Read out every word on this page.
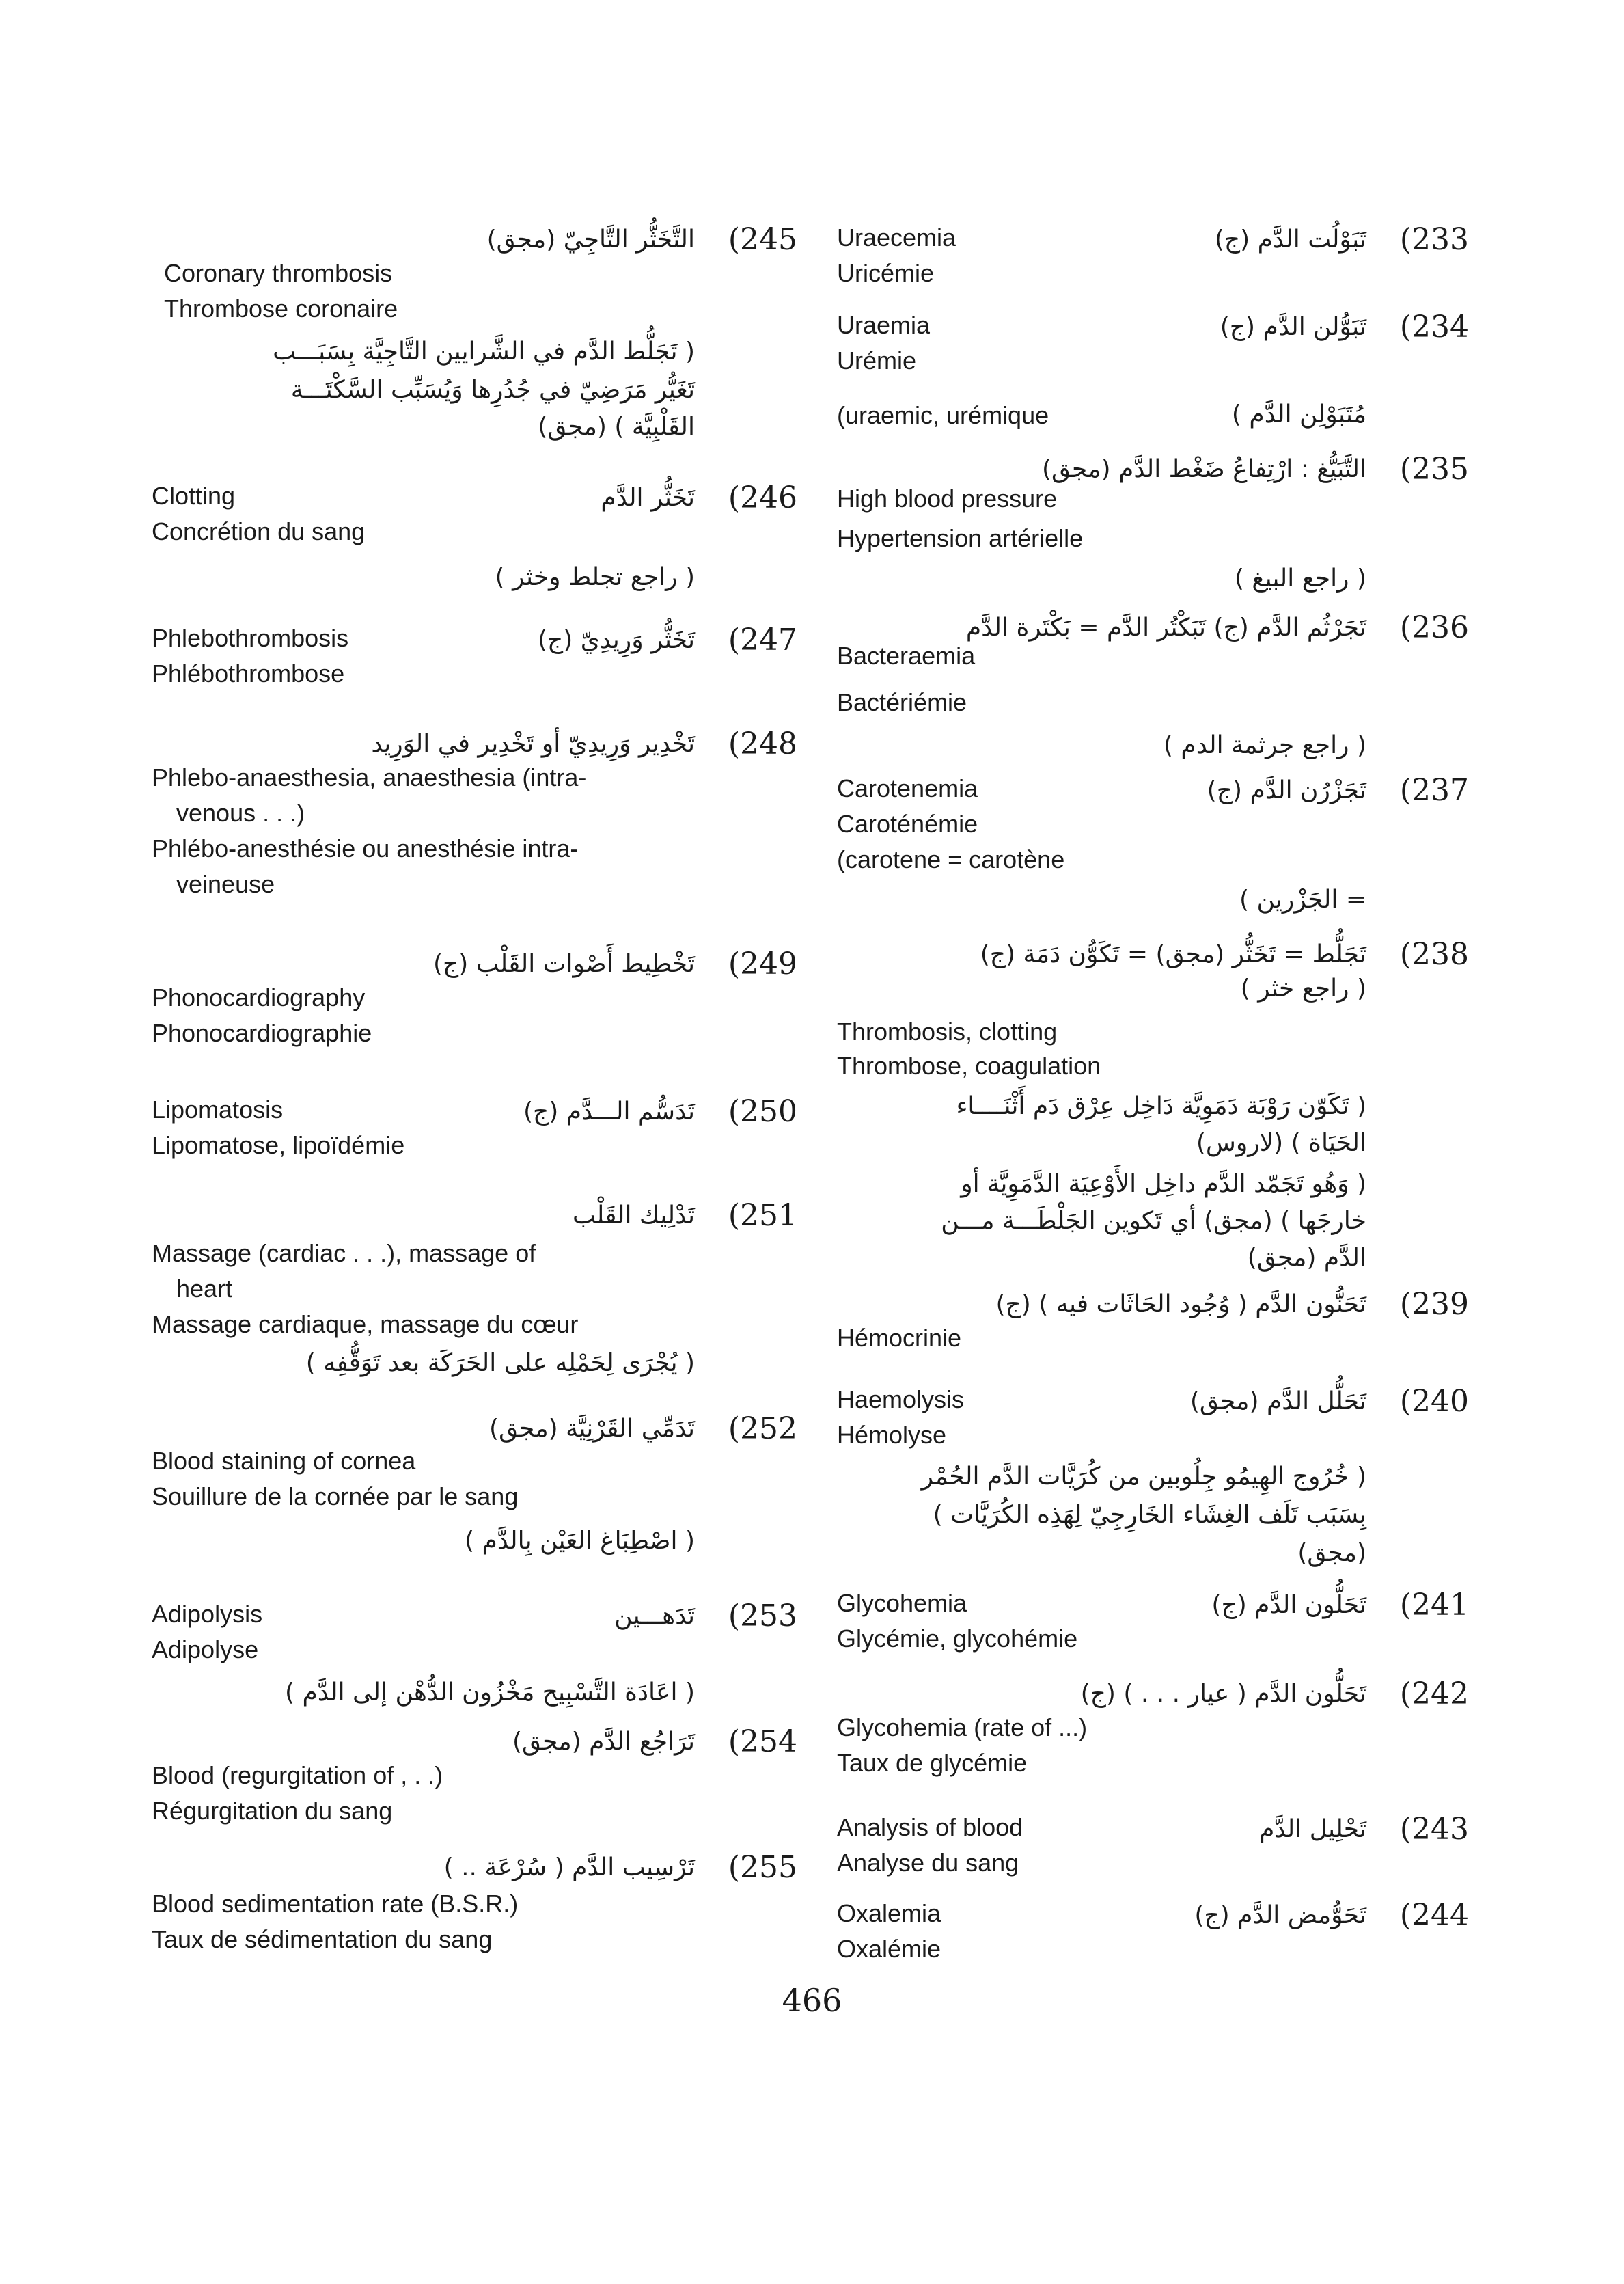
(233
تَبَوْلُت الدَّم (ج)
Uraecemia
Uricémie
(234
تَبَوُّلن الدَّم (ج)
Uraemia
Urémie
(uraemic, urémique	مُتَبَوْلِن الدَّم )
(235
التَّبَيُّغ : ارْتِفاعُ ضَغْط الدَّم (مجق)
High blood pressure
Hypertension artérielle
( راجع البيغ )
(236
تَجَرْثُم الدَّم (ج) تَبَكْتُر الدَّم = بَكْتَرة الدَّم
Bacteraemia
Bactériémie
( راجع جرثمة الدم )
(237
تَجَزْرُن الدَّم (ج)
Carotenemia
Caroténémie
(carotene = carotène
= الجَزْرين )
(238
تَجَلُّط = تَخَثُّر (مجق) = تَكَوُّن دَمَة (ج)
( راجع خثر )
Thrombosis, clotting
Thrombose, coagulation
( تَكَوّن رَوْبَة دَمَوِيَّة دَاخِل عِرْق دَم أَثْنَــــاء
الحَيَاة ) (لاروس)
( وَهُو تَجَمّد الدَّم داخِل الأَوْعِيَة الدَّمَوِيَّة أو
خارجَها ) (مجق) أي تَكوين الجَلْطَـــة مـــن
الدَّم (مجق)
(239
تَحَنُّون الدَّم ( وُجُود الحَاثَات فيه ) (ج)
Hémocrinie
(240
تَحَلُّل الدَّم (مجق)
Haemolysis
Hémolyse
( خُرُوج الهِيمُو جِلُوبين من كُرَيَّات الدَّم الحُمْر
بِسَبَب تَلَف الغِشَاء الخَارِجِيّ لِهَذِه الكُرَيَّات )
(مجق)
(241
تَحَلُّون الدَّم (ج)
Glycohemia
Glycémie, glycohémie
(242
تَحَلُّون الدَّم ( عيار . . . ) (ج)
Glycohemia (rate of ...)
Taux de glycémie
(243
تَحْلِيل الدَّم
Analysis of blood
Analyse du sang
(244
تَحَوُّمض الدَّم (ج)
Oxalemia
Oxalémie
(245
التَّخَثُّر التَّاجِيّ (مجق)
Coronary thrombosis
Thrombose coronaire
( تَجَلُّط الدَّم في الشَّرايين التَّاجِيَّة بِسَبَـــب
تَغَيُّر مَرَضِيّ في جُدُرِها وَيُسَبِّب السَّكْتَـــة
القَلْبِيَّة ) (مجق)
(246
تَخَثُّر الدَّم
Clotting
Concrétion du sang
( راجع تجلط وخثر )
(247
تَخَثُّر وَرِيدِيّ (ج)
Phlebothrombosis
Phlébothrombose
(248
تَخْدِير وَرِيدِيّ أو تَخْدِير في الوَرِيد
Phlebo-anaesthesia, anaesthesia (intra-
venous . . .)
Phlébo-anesthésie ou anesthésie intra-
veineuse
(249
تَخْطِيط أَصْوات القَلْب (ج)
Phonocardiography
Phonocardiographie
(250
تَدَسُّم الـــدَّم (ج)
Lipomatosis
Lipomatose, lipoïdémie
(251
تَدْلِيك القَلْب
Massage (cardiac . . .), massage of
heart
Massage cardiaque, massage du cœur
( يُجْرَى لِحَمْلِه على الحَرَكَة بعد تَوَقُّفِه )
(252
تَدَمِّي القَرْنِيَّة (مجق)
Blood staining of cornea
Souillure de la cornée par le sang
( اصْطِبَاغ العَيْن بِالدَّم )
(253
تَدَهـــين
Adipolysis
Adipolyse
( اعَادَة التَّسْبِيح مَخْزُون الدُّهْن إلى الدَّم )
(254
تَرَاجُع الدَّم (مجق)
Blood (regurgitation of , . .)
Régurgitation du sang
(255
تَرْسِيب الدَّم ( سُرْعَة .. )
Blood sedimentation rate (B.S.R.)
Taux de sédimentation du sang
466
